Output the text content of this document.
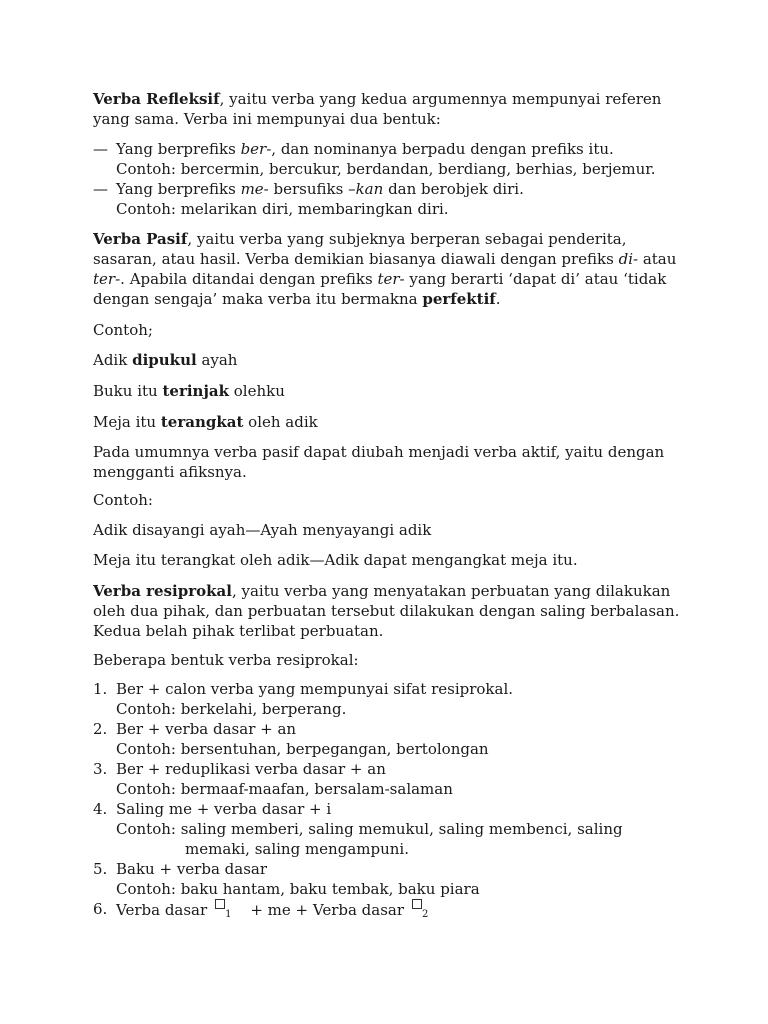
Verba Refleksif, yaitu verba yang kedua argumennya mempunyai referen yang sama. Verba ini mempunyai dua bentuk:

— Yang berprefiks ber-, dan nominanya berpadu dengan prefiks itu.
Contoh: bercermin, bercukur, berdandan, berdiang, berhias, berjemur.
— Yang berprefiks me- bersufiks –kan dan berobjek diri.
Contoh: melarikan diri, membaringkan diri.

Verba Pasif, yaitu verba yang subjeknya berperan sebagai penderita, sasaran, atau hasil. Verba demikian biasanya diawali dengan prefiks di- atau ter-. Apabila ditandai dengan prefiks ter- yang berarti ‘dapat di’ atau ‘tidak dengan sengaja’ maka verba itu bermakna perfektif.

Contoh;
Adik dipukul ayah
Buku itu terinjak olehku
Meja itu terangkat oleh adik
Pada umumnya verba pasif dapat diubah menjadi verba aktif, yaitu dengan mengganti afiksnya.
Contoh:
Adik disayangi ayah—Ayah menyayangi adik
Meja itu terangkat oleh adik—Adik dapat mengangkat meja itu.

Verba resiprokal, yaitu verba yang menyatakan perbuatan yang dilakukan oleh dua pihak, dan perbuatan tersebut dilakukan dengan saling berbalasan. Kedua belah pihak terlibat perbuatan.

Beberapa bentuk verba resiprokal:
1. Ber + calon verba yang mempunyai sifat resiprokal.
Contoh: berkelahi, berperang.
2. Ber + verba dasar + an
Contoh: bersentuhan, berpegangan, bertolongan
3. Ber + reduplikasi verba dasar + an
Contoh: bermaaf-maafan, bersalam-salaman
4. Saling me + verba dasar + i
Contoh: saling memberi, saling memukul, saling membenci, saling
memaki, saling mengampuni.
5. Baku + verba dasar
Contoh: baku hantam, baku tembak, baku piara
6. Verba dasar $_1$ + me + Verba dasar $_2$
